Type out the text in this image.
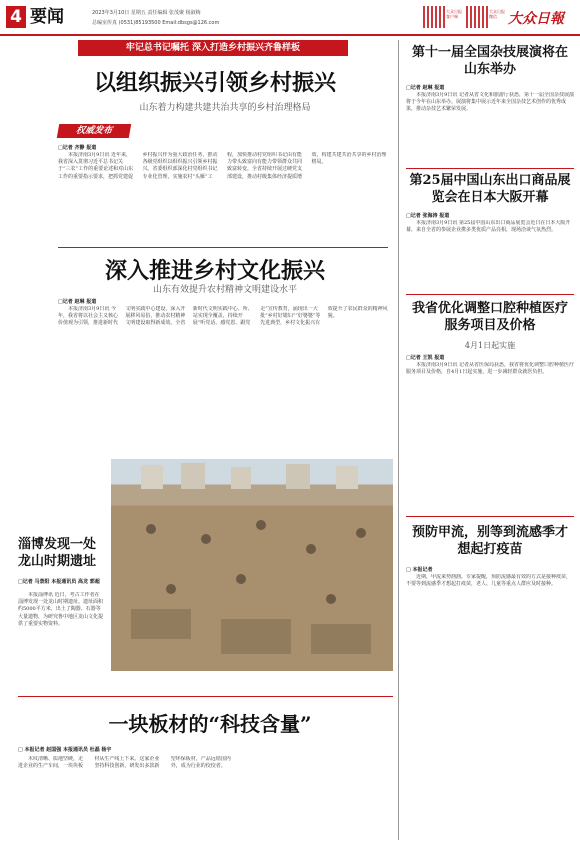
4 要闻	2023年3月10日 星期五 责任编辑 张茂聚 杨淑梅
总编室传真 (0531)85193500 Email:dbsgs@126.com
大众日报 客户端
大众日报 微信 大众日報
牢记总书记嘱托 深入打造乡村振兴齐鲁样板
以组织振兴引领乡村振兴
山东着力构建共建共治共享的乡村治理格局
权威发布
□记者 齐静 报道

本报济南3月9日讯 近年来，我省深入贯彻习近平总书记关于“三农”工作的重要论述和对山东工作的重要指示要求，把抓党建促乡村振兴作为重大政治任务，推动各级党组织以组织振兴引领乡村振兴。省委组织部深化村党组织书记专业化管理，实施农村“头雁”工程，加快推动村党组织书记由有能力带头致富向有能力带领群众共同致富转变。全省持续开展过硬党支部建设，推动村级集体经济提质增效，构建共建共治共享的乡村治理格局。

深入推进乡村文化振兴
山东有效提升农村精神文明建设水平
□记者 赵琳 报道

本报济南3月9日讯 今年，我省将以社会主义核心价值观为引领，推进新时代文明实践中心建设，深入开展移风易俗，推动农村精神文明建设取得新成效。全省新时代文明实践中心、所、站实现全覆盖，持续开展“听党话、感党恩、跟党走”宣传教育，涌现出一大批“乡村好媳妇”“好婆婆”等先进典型，乡村文化振兴有效提升了农民群众的精神风貌。

淄博发现一处龙山时期遗址
□记者 马景阳 本报通讯员 高龙 郭超

本报淄博讯 近日，考古工作者在淄博发现一处龙山时期遗址。遗址面积约5000平方米，出土了陶器、石器等大量遗物，为研究鲁中地区龙山文化提供了重要实物资料。

一块板材的“科技含量”
□ 本报记者 赵国强 本报通讯员 杜磊 杨宇

木纹清晰、质地坚硬，走进企业的生产车间，一块块板材从生产线上下来。这家企业坚持科技创新，研发出多款新型环保板材，产品远销国内外，成为行业的佼佼者。

第十一届全国杂技展演将在山东举办
□记者 赵琳 报道

本报济南3月9日讯 记者从省文化和旅游厅获悉，第十一届全国杂技展演将于今年在山东举办。展演将集中展示近年来全国杂技艺术创作的优秀成果，推动杂技艺术繁荣发展。

第25届中国山东出口商品展览会在日本大阪开幕
□记者 张海涛 报道

本报济南3月9日讯 第25届中国山东出口商品展览会近日在日本大阪开幕，来自全省的参展企业携多类优质产品亮相，现场洽谈气氛热烈。

我省优化调整口腔种植医疗服务项目及价格
4月1日起实施
□记者 王凯 报道

本报济南3月9日讯 记者从省医保局获悉，我省将优化调整口腔种植医疗服务项目及价格，自4月1日起实施，进一步减轻群众就医负担。

预防甲流，别等到流感季才想起打疫苗
□ 本报记者

近期，甲流来势汹汹。专家提醒，预防流感最有效的方式是接种疫苗，不要等到流感季才想起打疫苗，老人、儿童等重点人群应及时接种。
